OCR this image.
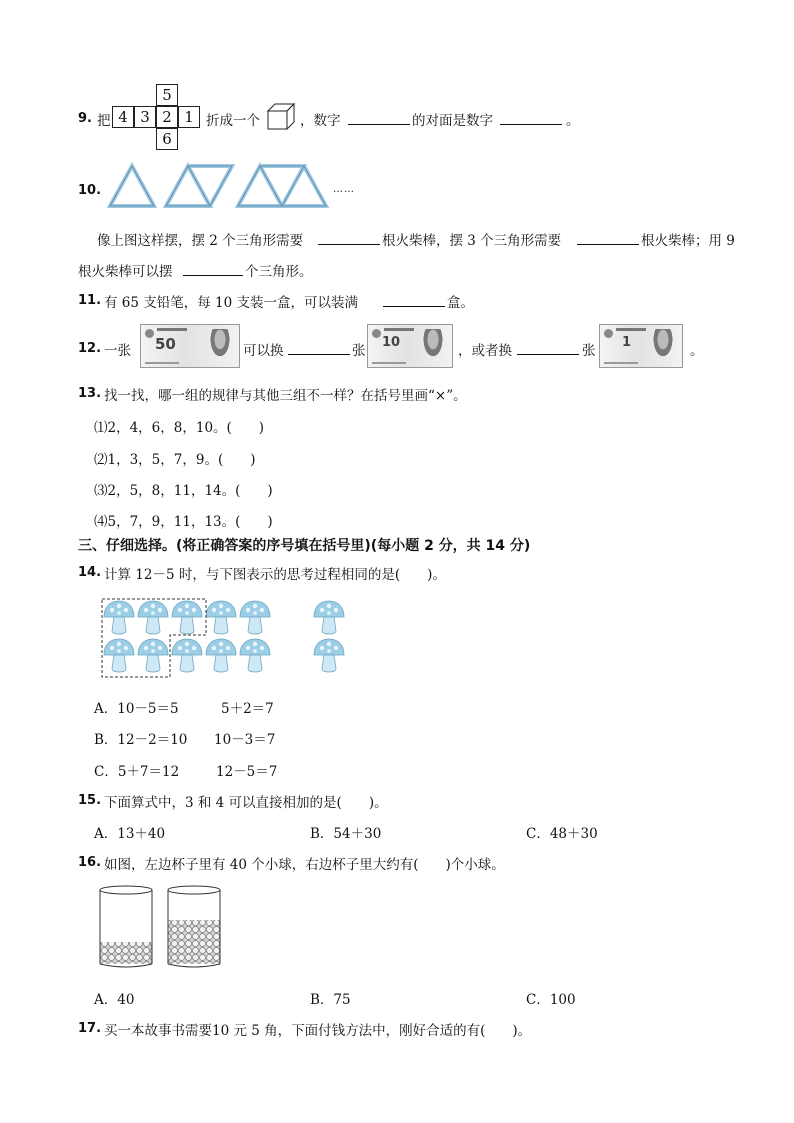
9. 把
5
4 3 2 1
6
折成一个	，数字	的对面是数字	。
10.	……
像上图这样摆，摆 2 个三角形需要	根火柴棒，摆 3 个三角形需要	根火柴棒；用 9
根火柴棒可以摆	个三角形。
11. 有 65 支铅笔，每 10 支装一盒，可以装满	盒。
12. 一张 50	可以换	张
10
，或者换	张
1
。
13. 找一找，哪一组的规律与其他三组不一样？在括号里画“×”。
⑴2，4，6，8，10。(　　)
⑵1，3，5，7，9。(　　)
⑶2，5，8，11，14。(　　)
⑷5，7，9，11，13。(　　)
三、仔细选择。(将正确答案的序号填在括号里)(每小题 2 分，共 14 分)
14. 计算 12－5 时，与下图表示的思考过程相同的是(　　)。
A．10－5＝5	5＋2＝7
B．12－2＝10 10－3＝7
C．5＋7＝12	12－5＝7
15. 下面算式中，3 和 4 可以直接相加的是(　　)。
A．13＋40	B．54＋30	C．48＋30
16. 如图，左边杯子里有 40 个小球，右边杯子里大约有(　　)个小球。
A．40	B．75	C．100
17. 买一本故事书需要10 元 5 角，下面付钱方法中，刚好合适的有(　　)。
